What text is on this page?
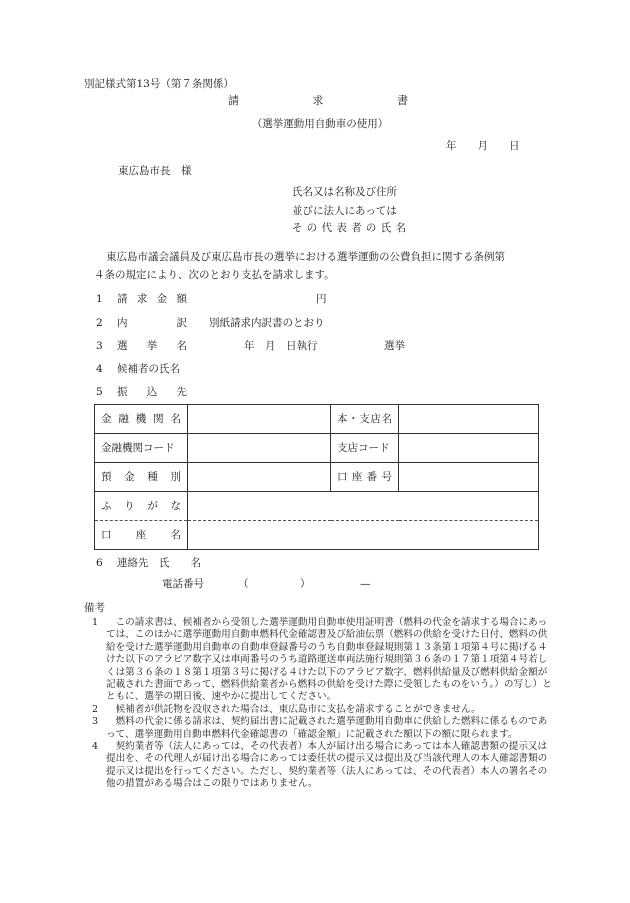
別記様式第13号（第７条関係）
請求書
（選挙運動用自動車の使用）
年　　月　　日
東広島市長　様
氏名又は名称及び住所
並びに法人にあっては
その代表者の氏名
東広島市議会議員及び東広島市長の選挙における選挙運動の公費負担に関する条例第
４条の規定により、次のとおり支払を請求します。
1 請求金額	円
2 内訳 別紙請求内訳書のとおり
3 選挙名	年　月　日執行	選挙
4 候補者の氏名
5 振込先
金融機関名		本・支店名	

金融機関コード		支店コード	

預金種別		口座番号	

ふりがな			

口座名			

6 連絡先　氏　　名
電話番号	（	）	—
備考
1	この請求書は、候補者から受領した選挙運動用自動車使用証明書（燃料の代金を請求する場合にあっては、このほかに選挙運動用自動車燃料代金確認書及び給油伝票（燃料の供給を受けた日付、燃料の供給を受けた選挙運動用自動車の自動車登録番号のうち自動車登録規則第１３条第１項第４号に掲げる４けた以下のアラビア数字又は車両番号のうち道路運送車両法施行規則第３６条の１７第１項第４号若しくは第３６条の１８第１項第３号に掲げる４けた以下のアラビア数字、燃料供給量及び燃料供給金額が記載された書面であって、燃料供給業者から燃料の供給を受けた際に受領したものをいう。）の写し）とともに、選挙の期日後、速やかに提出してください。
2	候補者が供託物を没収された場合は、東広島市に支払を請求することができません。
3	燃料の代金に係る請求は、契約届出書に記載された選挙運動用自動車に供給した燃料に係るものであって、選挙運動用自動車燃料代金確認書の「確認金額」に記載された額以下の額に限られます。
4	契約業者等（法人にあっては、その代表者）本人が届け出る場合にあっては本人確認書類の提示又は提出を、その代理人が届け出る場合にあっては委任状の提示又は提出及び当該代理人の本人確認書類の提示又は提出を行ってください。ただし、契約業者等（法人にあっては、その代表者）本人の署名その他の措置がある場合はこの限りではありません。
